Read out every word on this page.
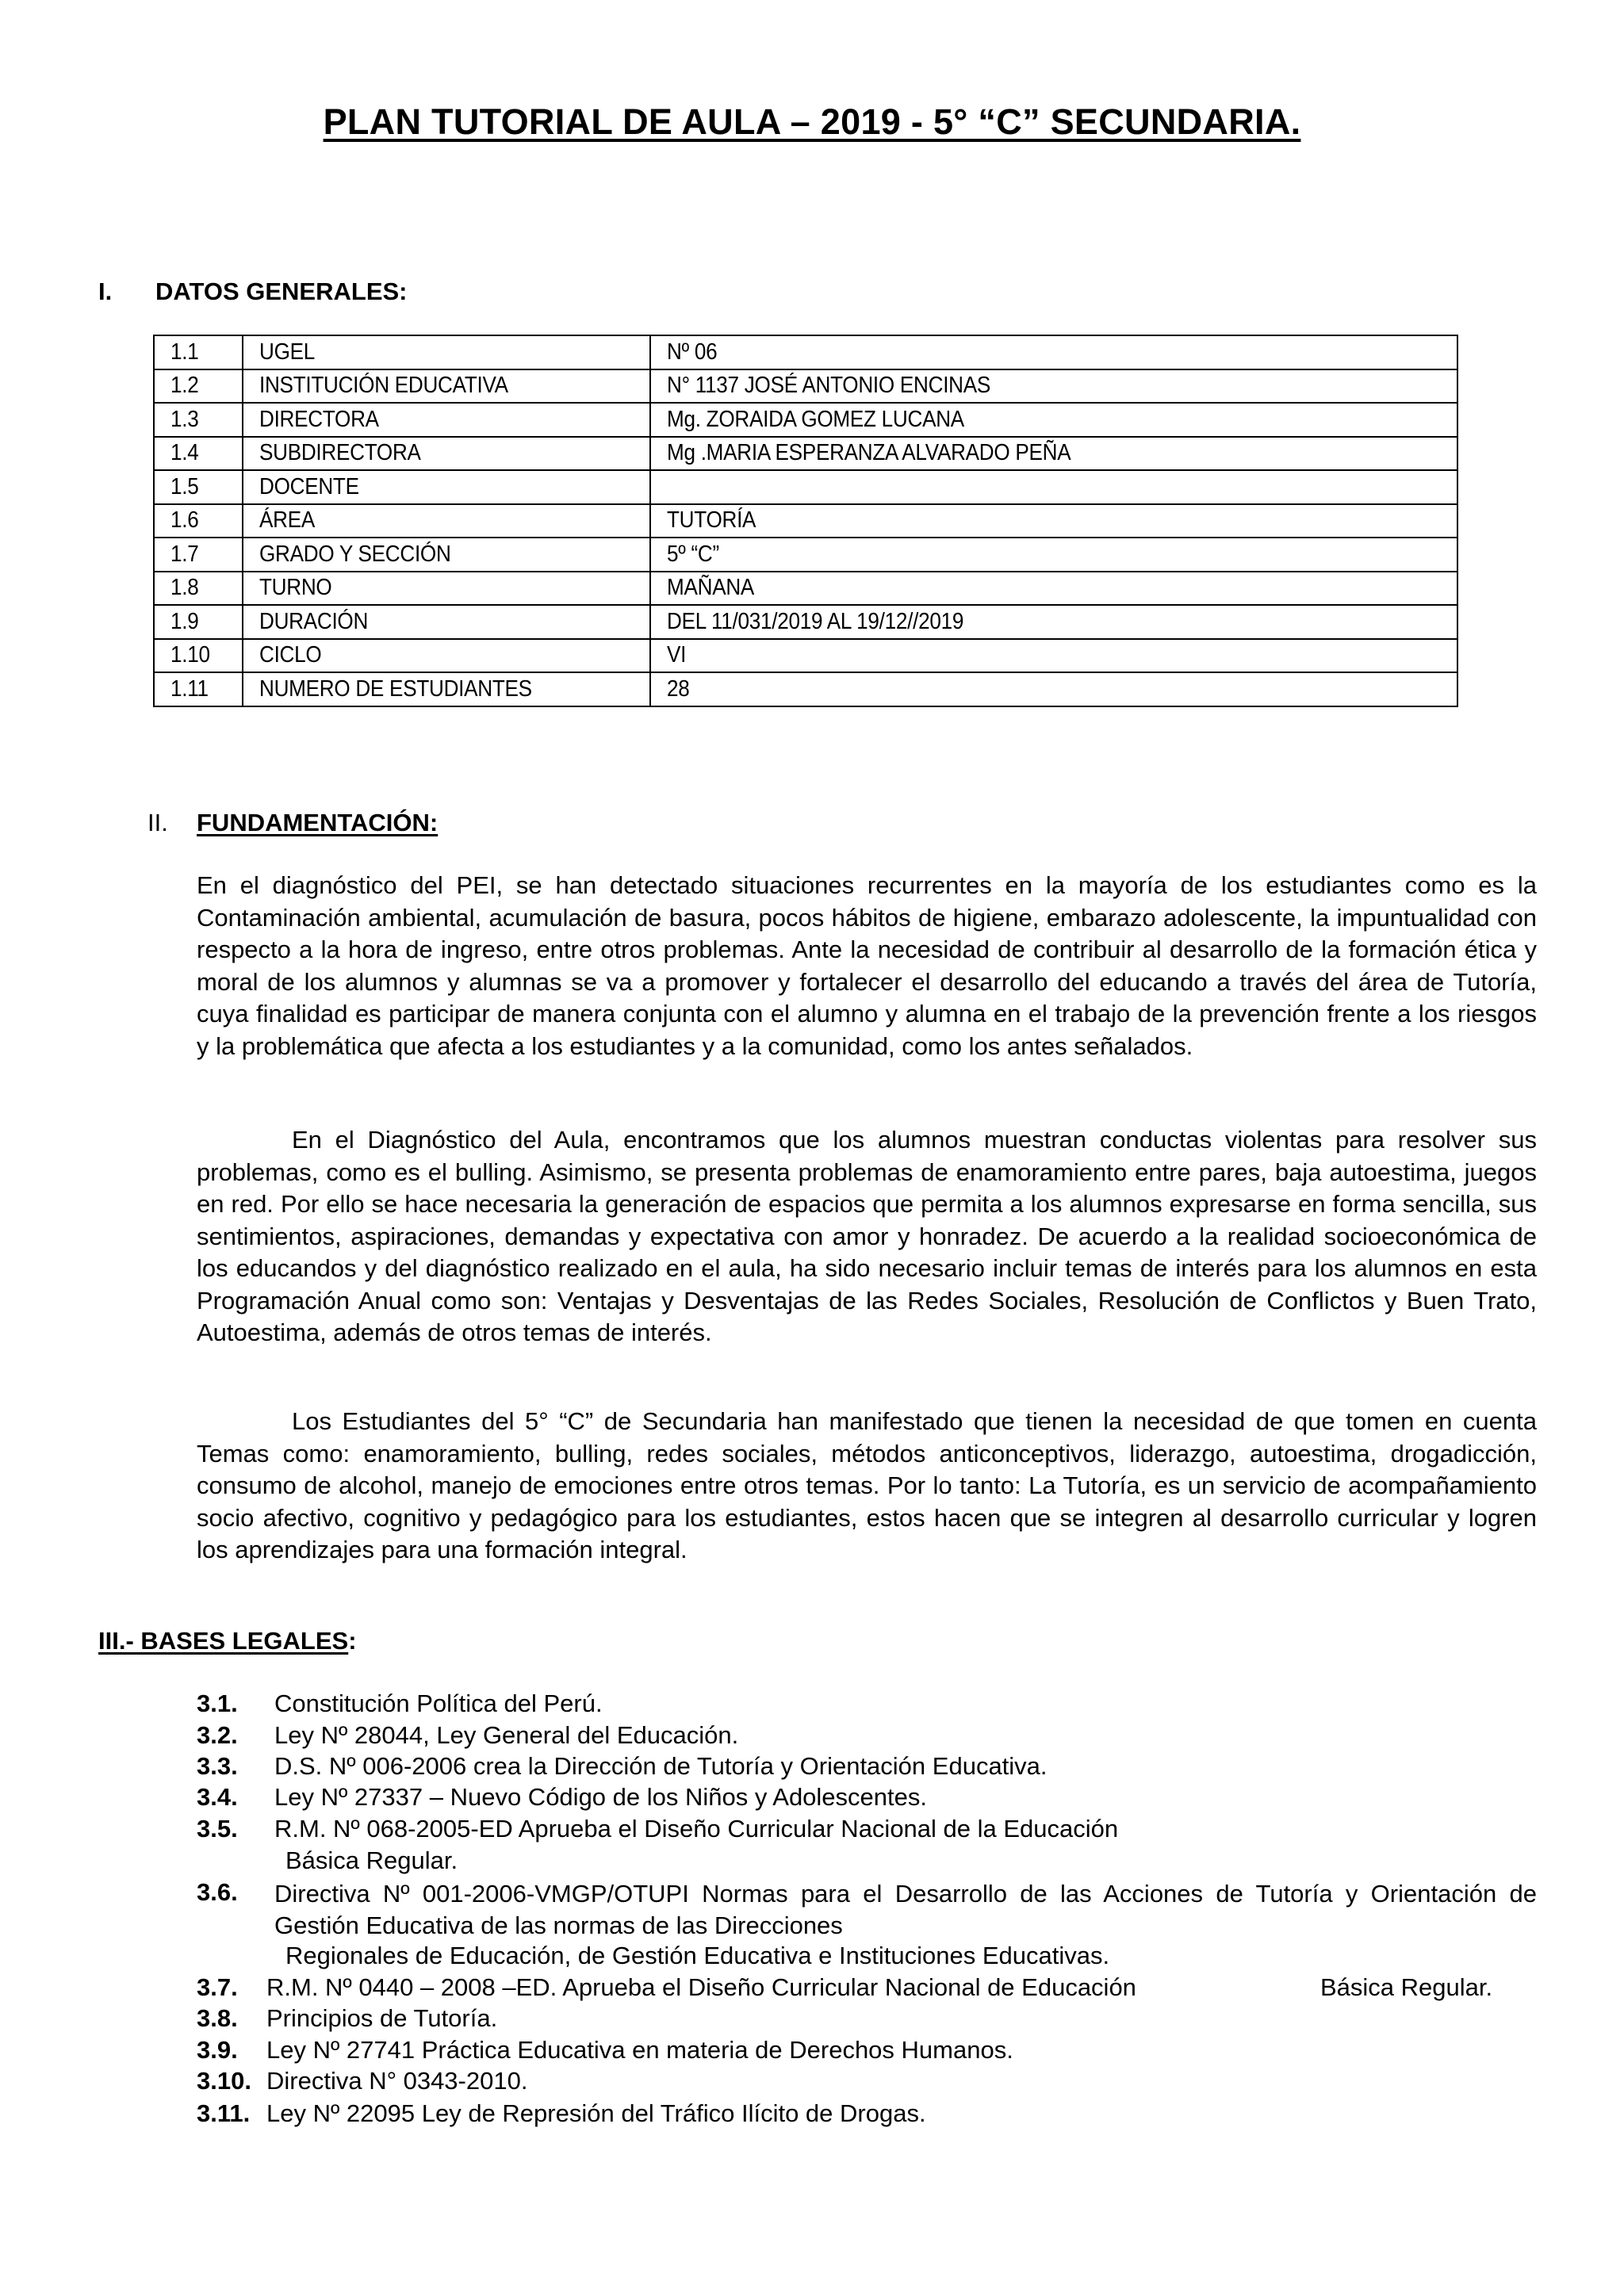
PLAN TUTORIAL DE AULA – 2019 - 5° “C” SECUNDARIA.
I. DATOS GENERALES:
1.1	UGEL	Nº 06
1.2	INSTITUCIÓN EDUCATIVA	N° 1137 JOSÉ ANTONIO ENCINAS
1.3	DIRECTORA	Mg. ZORAIDA GOMEZ LUCANA
1.4	SUBDIRECTORA	Mg .MARIA ESPERANZA ALVARADO PEÑA
1.5	DOCENTE	
1.6	ÁREA	TUTORÍA
1.7	GRADO Y SECCIÓN	5º “C”
1.8	TURNO	MAÑANA
1.9	DURACIÓN	DEL 11/031/2019 AL 19/12//2019
1.10	CICLO	VI
1.11	NUMERO DE ESTUDIANTES	28
II. FUNDAMENTACIÓN:
En el diagnóstico del PEI, se han detectado situaciones recurrentes en la mayoría de los estudiantes como es la Contaminación ambiental, acumulación de basura, pocos hábitos de higiene, embarazo adolescente, la impuntualidad con respecto a la hora de ingreso, entre otros problemas. Ante la necesidad de contribuir al desarrollo de la formación ética y moral de los alumnos y alumnas se va a promover y fortalecer el desarrollo del educando a través del área de Tutoría, cuya finalidad es participar de manera conjunta con el alumno y alumna en el trabajo de la prevención frente a los riesgos y la problemática que afecta a los estudiantes y a la comunidad, como los antes señalados.
En el Diagnóstico del Aula, encontramos que los alumnos muestran conductas violentas para resolver sus problemas, como es el bulling. Asimismo, se presenta problemas de enamoramiento entre pares, baja autoestima, juegos en red. Por ello se hace necesaria la generación de espacios que permita a los alumnos expresarse en forma sencilla, sus sentimientos, aspiraciones, demandas y expectativa con amor y honradez. De acuerdo a la realidad socioeconómica de los educandos y del diagnóstico realizado en el aula, ha sido necesario incluir temas de interés para los alumnos en esta Programación Anual como son: Ventajas y Desventajas de las Redes Sociales, Resolución de Conflictos y Buen Trato, Autoestima, además de otros temas de interés.
Los Estudiantes del 5° “C” de Secundaria han manifestado que tienen la necesidad de que tomen en cuenta Temas como: enamoramiento, bulling, redes sociales, métodos anticonceptivos, liderazgo, autoestima, drogadicción, consumo de alcohol, manejo de emociones entre otros temas. Por lo tanto: La Tutoría, es un servicio de acompañamiento socio afectivo, cognitivo y pedagógico para los estudiantes, estos hacen que se integren al desarrollo curricular y logren los aprendizajes para una formación integral.
III.- BASES LEGALES:
3.1. Constitución Política del Perú.
3.2. Ley Nº 28044, Ley General del Educación.
3.3. D.S. Nº 006-2006 crea la Dirección de Tutoría y Orientación Educativa.
3.4. Ley Nº 27337 – Nuevo Código de los Niños y Adolescentes.
3.5. R.M. Nº 068-2005-ED Aprueba el Diseño Curricular Nacional de la Educación
Básica Regular.
3.6. Directiva Nº 001-2006-VMGP/OTUPI Normas para el Desarrollo de las Acciones de Tutoría y Orientación de Gestión Educativa de las normas de las Direcciones
Regionales de Educación, de Gestión Educativa e Instituciones Educativas.
3.7. R.M. Nº 0440 – 2008 –ED. Aprueba el Diseño Curricular Nacional de Educación	Básica Regular.
3.8. Principios de Tutoría.
3.9. Ley Nº 27741 Práctica Educativa en materia de Derechos Humanos.
3.10. Directiva N° 0343-2010.
3.11. Ley Nº 22095 Ley de Represión del Tráfico Ilícito de Drogas.
